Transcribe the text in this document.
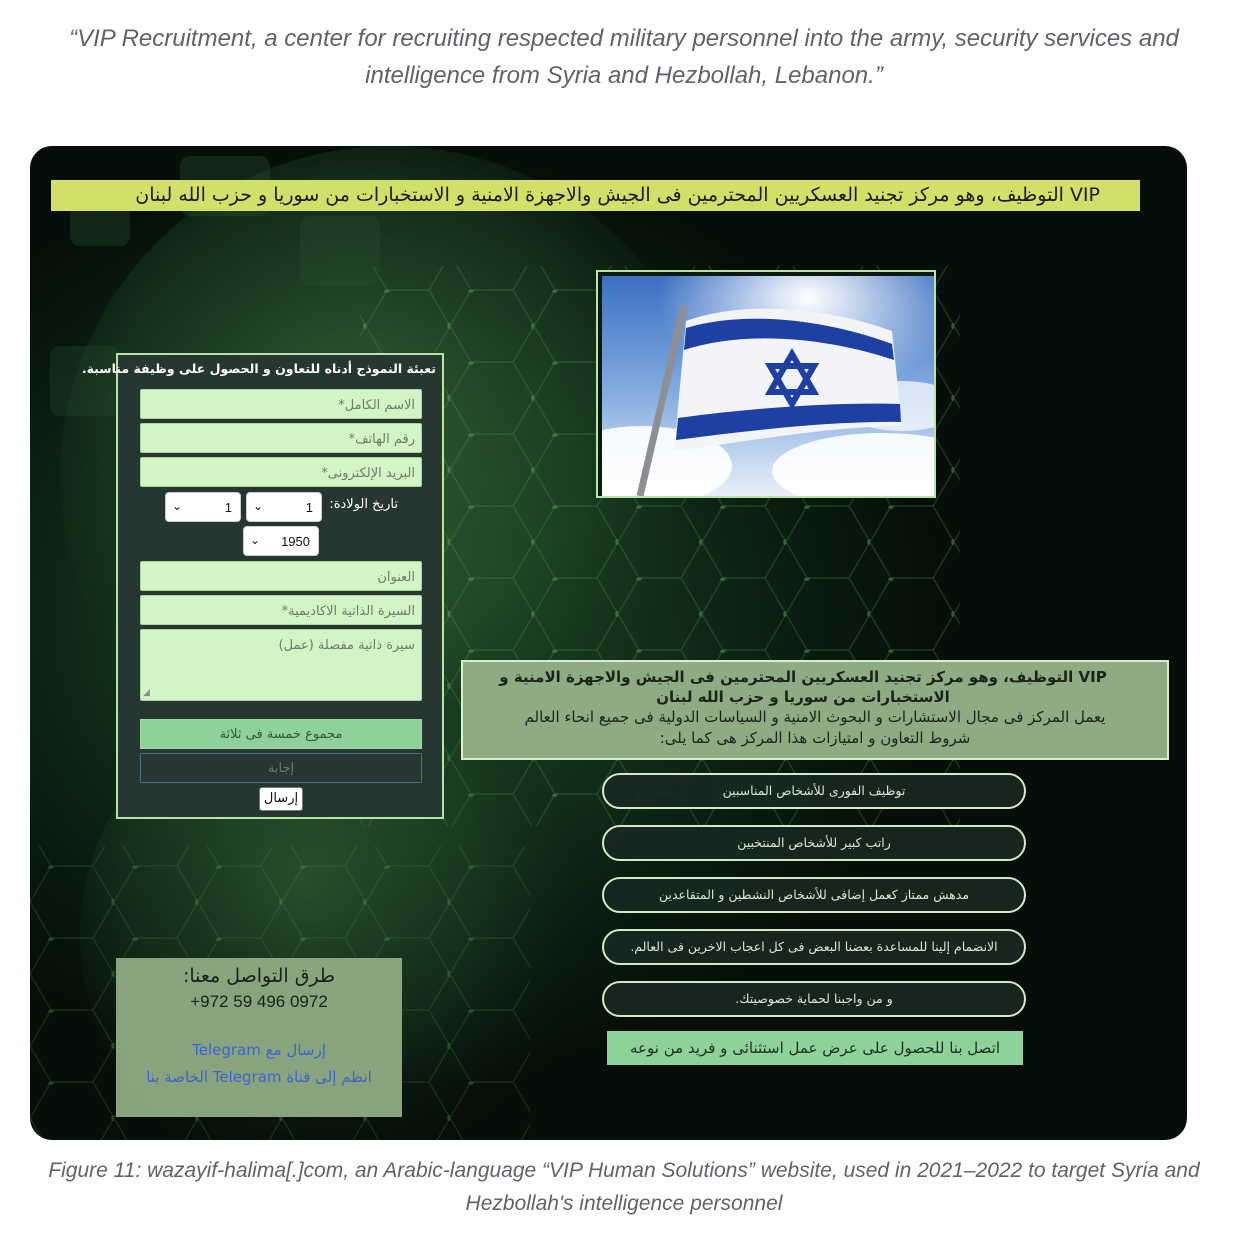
“VIP Recruitment, a center for recruiting respected military personnel into the army, security services and intelligence from Syria and Hezbollah, Lebanon.”
VIP التوظيف، وهو مركز تجنيد العسكريين المحترمين فى الجيش والاجهزة الامنية و الاستخبارات من سوريا و حزب الله لبنان
تعبئة النموذج أدناه للتعاون و الحصول على وظيفة مناسبة.
الاسم الكامل*
رقم الهاتف*
البريد الإلكترونى*
تاريخ الولادة:
1
⌄
1
⌄
1950
⌄
العنوان
السيرة الذاتية الاكاديمية*
سيرة ذاتية مفصلة (عمل)
◢
مجموع خمسة فى ثلاثة
إجابة
إرسال
VIP التوظيف، وهو مركز تجنيد العسكريين المحترمين فى الجيش والاجهزة الامنية و الاستخبارات من سوريا و حزب الله لبنان
يعمل المركز فى مجال الاستشارات و البحوث الامنية و السياسات الدولية فى جميع انحاء العالم
شروط التعاون و امتيازات هذا المركز هى كما يلى:
توظيف الفورى للأشخاص المناسبين
راتب كبير للأشخاص المنتخبين
مدهش ممتاز كعمل إضافى للأشخاص النشطين و المتقاعدين
الانضمام إلينا للمساعدة بعضنا البعض فى كل اعجاب الاخرين فى العالم.
و من واجبنا لحماية خصوصيتك.
اتصل بنا للحصول على عرض عمل استثنائى و فريد من نوعه
طرق التواصل معنا:
+972 59 496 0972
إرسال مع Telegram
انظم إلى قناة Telegram الخاصة بنا
Figure 11: wazayif-halima[.]com, an Arabic-language “VIP Human Solutions” website, used in 2021–2022 to target Syria and Hezbollah's intelligence personnel
